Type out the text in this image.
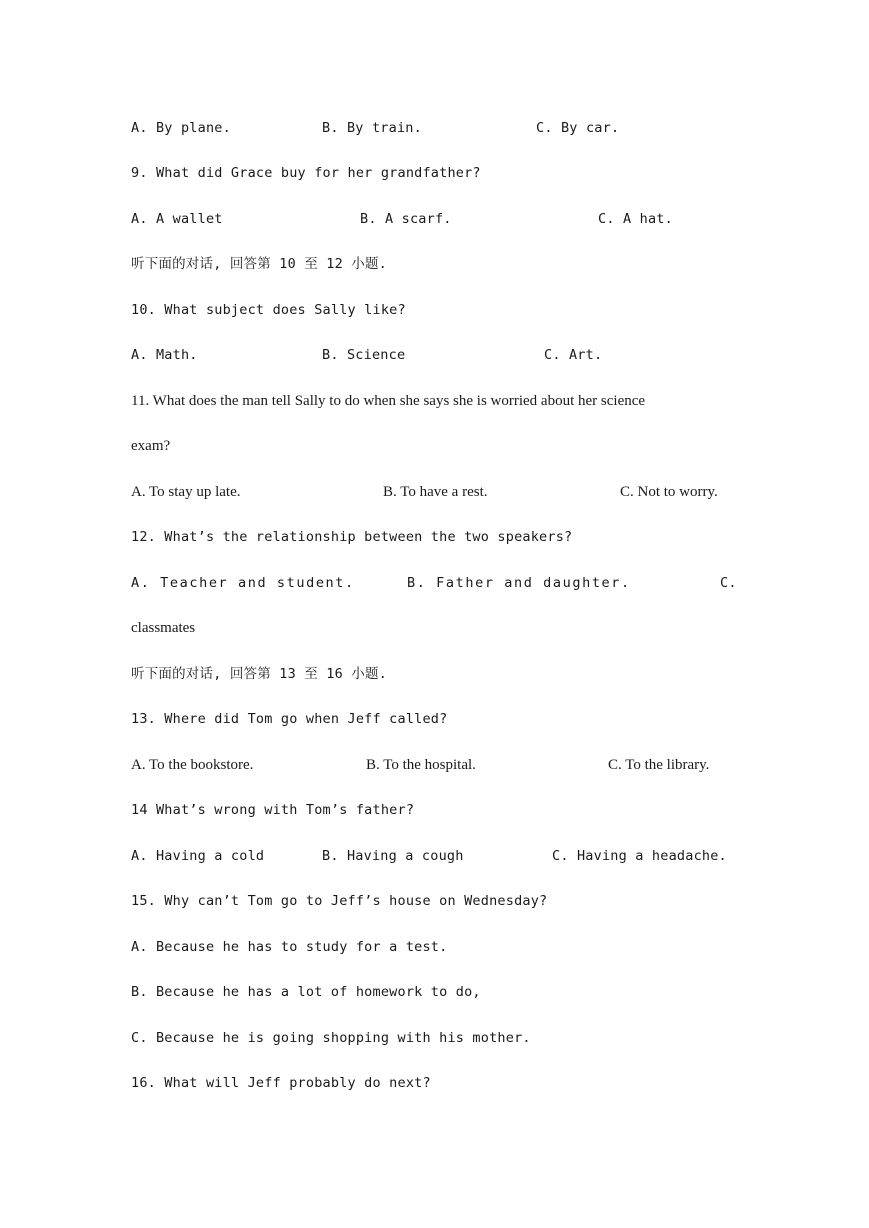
A. By plane.	B. By train.	C. By car.
9. What did Grace buy for her grandfather?
A. A wallet	B. A scarf.	C. A hat.
听下面的对话, 回答第 10 至 12 小题.
10. What subject does Sally like?
A. Math.	B. Science	C. Art.
11. What does the man tell Sally to do when she says she is worried about her science
exam?
A. To stay up late.	B. To have a rest.	C. Not to worry.
12. What’s the relationship between the two speakers?
A. Teacher and student.	B. Father and daughter.	C.
classmates
听下面的对话, 回答第 13 至 16 小题.
13. Where did Tom go when Jeff called?
A. To the bookstore.	B. To the hospital.	C. To the library.
14 What’s wrong with Tom’s father?
A. Having a cold	B. Having a cough	C. Having a headache.
15. Why can’t Tom go to Jeff’s house on Wednesday?
A. Because he has to study for a test.
B. Because he has a lot of homework to do,
C. Because he is going shopping with his mother.
16. What will Jeff probably do next?
